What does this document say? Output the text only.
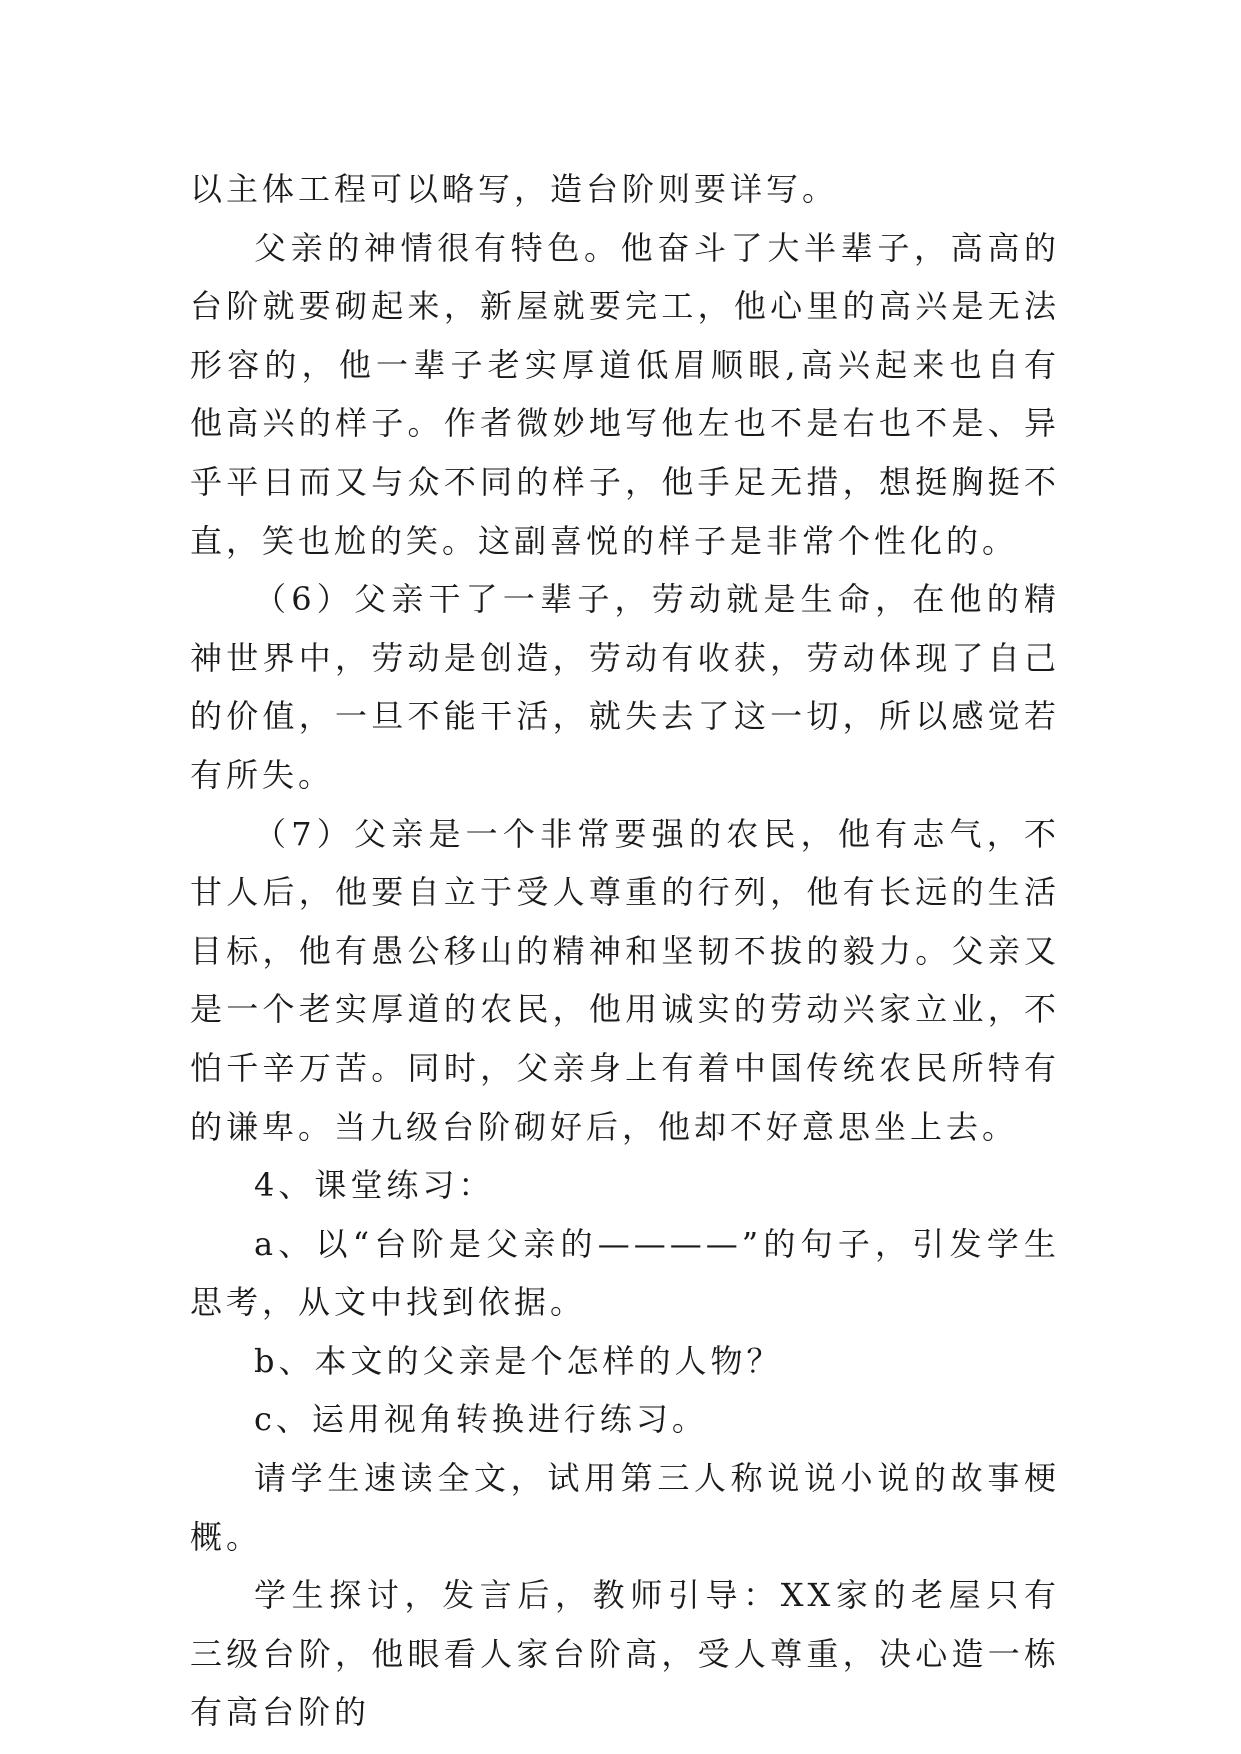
以主体工程可以略写，造台阶则要详写。

父亲的神情很有特色。他奋斗了大半辈子，高高的台阶就要砌起来，新屋就要完工，他心里的高兴是无法形容的，他一辈子老实厚道低眉顺眼,高兴起来也自有他高兴的样子。作者微妙地写他左也不是右也不是、异乎平日而又与众不同的样子，他手足无措，想挺胸挺不直，笑也尬的笑。这副喜悦的样子是非常个性化的。

（6）父亲干了一辈子，劳动就是生命，在他的精神世界中，劳动是创造，劳动有收获，劳动体现了自己的价值，一旦不能干活，就失去了这一切，所以感觉若有所失。

（7）父亲是一个非常要强的农民，他有志气，不甘人后，他要自立于受人尊重的行列，他有长远的生活目标，他有愚公移山的精神和坚韧不拔的毅力。父亲又是一个老实厚道的农民，他用诚实的劳动兴家立业，不怕千辛万苦。同时，父亲身上有着中国传统农民所特有的谦卑。当九级台阶砌好后，他却不好意思坐上去。

4、课堂练习：

a、以“台阶是父亲的————”的句子，引发学生思考，从文中找到依据。

b、本文的父亲是个怎样的人物？

c、运用视角转换进行练习。

请学生速读全文，试用第三人称说说小说的故事梗概。

学生探讨，发言后，教师引导：XX家的老屋只有三级台阶，他眼看人家台阶高，受人尊重，决心造一栋有高台阶的
